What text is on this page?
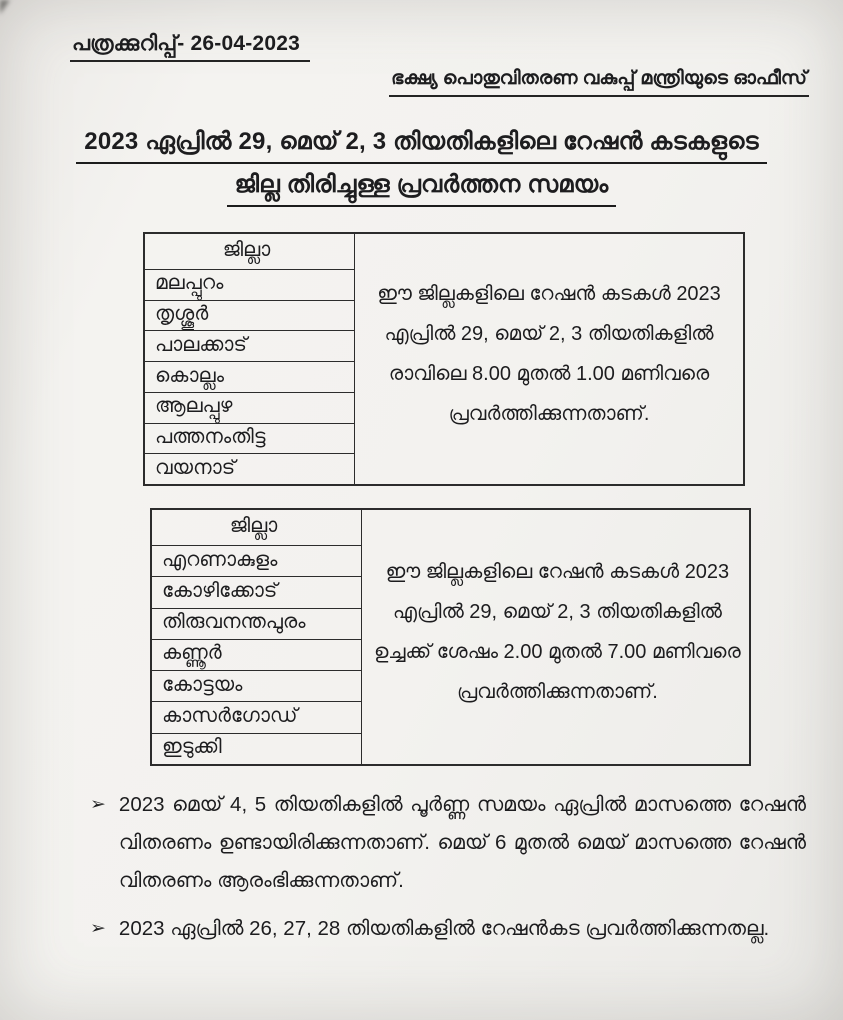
പത്രക്കുറിപ്പ്- 26-04-2023
ഭക്ഷ്യ പൊതുവിതരണ വകുപ്പ് മന്ത്രിയുടെ ഓഫീസ്
2023 ഏപ്രിൽ 29, മെയ് 2, 3 തിയതികളിലെ റേഷൻ കടകളുടെ
ജില്ല തിരിച്ചുള്ള പ്രവർത്തന സമയം
ജില്ലാ
മലപ്പുറം
തൃശ്ശൂർ
പാലക്കാട്
കൊല്ലം
ആലപ്പുഴ
പത്തനംതിട്ട
വയനാട്
ഈ ജില്ലകളിലെ റേഷൻ കടകൾ 2023
എപ്രിൽ 29, മെയ് 2, 3 തിയതികളിൽ
രാവിലെ 8.00 മുതൽ 1.00 മണിവരെ
പ്രവർത്തിക്കുന്നതാണ്.
ജില്ലാ
എറണാകുളം
കോഴിക്കോട്
തിരുവനന്തപുരം
കണ്ണൂർ
കോട്ടയം
കാസർഗോഡ്
ഇടുക്കി
ഈ ജില്ലകളിലെ റേഷൻ കടകൾ 2023
എപ്രിൽ 29, മെയ് 2, 3 തിയതികളിൽ
ഉച്ചക്ക് ശേഷം 2.00 മുതൽ 7.00 മണിവരെ
പ്രവർത്തിക്കുന്നതാണ്.
➢ 2023 മെയ് 4, 5 തിയതികളിൽ പൂർണ്ണ സമയം ഏപ്രിൽ മാസത്തെ റേഷൻ വിതരണം ഉണ്ടായിരിക്കുന്നതാണ്. മെയ് 6 മുതൽ മെയ് മാസത്തെ റേഷൻ വിതരണം ആരംഭിക്കുന്നതാണ്.
➢ 2023 ഏപ്രിൽ 26, 27, 28 തിയതികളിൽ റേഷൻകട പ്രവർത്തിക്കുന്നതല്ല.
